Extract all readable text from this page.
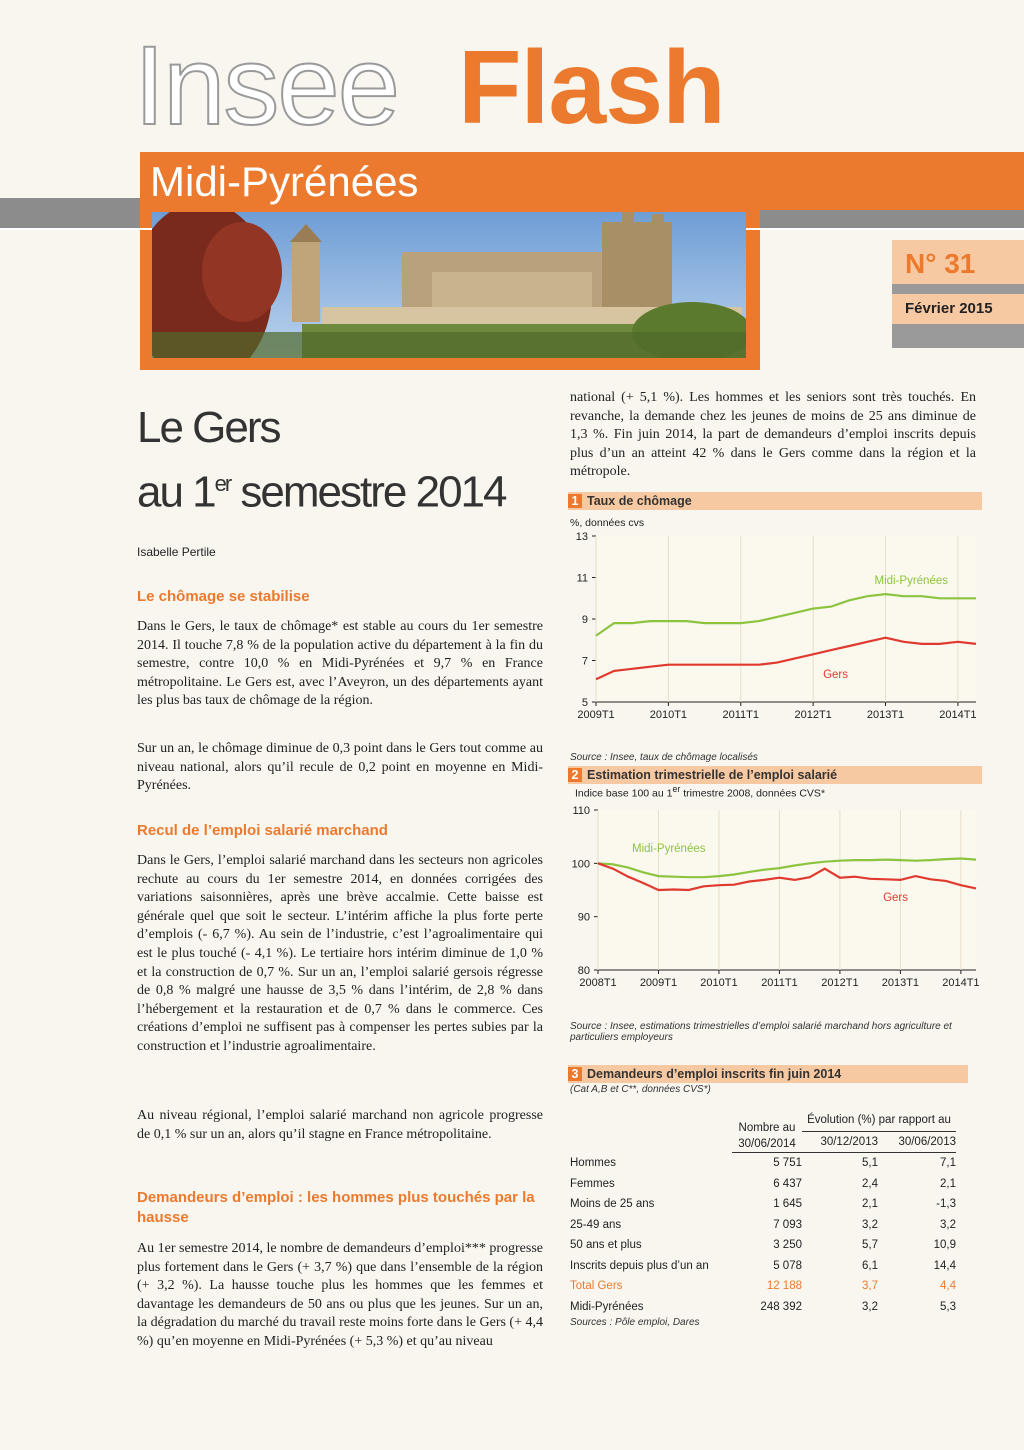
Insee Flash
Midi-Pyrénées
N° 31
Février 2015
Le Gers
au 1er semestre 2014
Isabelle Pertile
Le chômage se stabilise
Dans le Gers, le taux de chômage* est stable au cours du 1er semestre 2014. Il touche 7,8 % de la population active du département à la fin du semestre, contre 10,0 % en Midi-Pyrénées et 9,7 % en France métropolitaine. Le Gers est, avec l’Aveyron, un des départements ayant les plus bas taux de chômage de la région.
Sur un an, le chômage diminue de 0,3 point dans le Gers tout comme au niveau national, alors qu’il recule de 0,2 point en moyenne en Midi-Pyrénées.
Recul de l’emploi salarié marchand
Dans le Gers, l’emploi salarié marchand dans les secteurs non agricoles rechute au cours du 1er semestre 2014, en données corrigées des variations saisonnières, après une brève accalmie. Cette baisse est générale quel que soit le secteur. L’intérim affiche la plus forte perte d’emplois (- 6,7 %). Au sein de l’industrie, c’est l’agroalimentaire qui est le plus touché (- 4,1 %). Le tertiaire hors intérim diminue de 1,0 % et la construction de 0,7 %. Sur un an, l’emploi salarié gersois régresse de 0,8 % malgré une hausse de 3,5 % dans l’intérim, de 2,8 % dans l’hébergement et la restauration et de 0,7 % dans le commerce. Ces créations d’emploi ne suffisent pas à compenser les pertes subies par la construction et l’industrie agroalimentaire.
Au niveau régional, l’emploi salarié marchand non agricole progresse de 0,1 % sur un an, alors qu’il stagne en France métropolitaine.
Demandeurs d’emploi : les hommes plus touchés par la hausse
Au 1er semestre 2014, le nombre de demandeurs d’emploi*** progresse plus fortement dans le Gers (+ 3,7 %) que dans l’ensemble de la région (+ 3,2 %). La hausse touche plus les hommes que les femmes et davantage les demandeurs de 50 ans ou plus que les jeunes. Sur un an, la dégradation du marché du travail reste moins forte dans le Gers (+ 4,4 %) qu’en moyenne en Midi-Pyrénées (+ 5,3 %) et qu’au niveau
national (+ 5,1 %). Les hommes et les seniors sont très touchés. En revanche, la demande chez les jeunes de moins de 25 ans diminue de 1,3 %. Fin juin 2014, la part de demandeurs d’emploi inscrits depuis plus d’un an atteint 42 % dans le Gers comme dans la région et la métropole.
1 Taux de chômage
5
7
9
11
13
2009T1	2010T1	2011T1	2012T1	2013T1	2014T1
Midi-Pyrénées
Gers
%, données cvs
Source : Insee, taux de chômage localisés
2 Estimation trimestrielle de l’emploi salarié
Indice base 100 au 1er trimestre 2008, données CVS*
80
90
100
110
2008T1 2009T1 2010T1 2011T1 2012T1 2013T1 2014T1
Midi-Pyrénées
Gers
Source : Insee, estimations trimestrielles d’emploi salarié marchand hors agriculture et particuliers employeurs
3 Demandeurs d’emploi inscrits fin juin 2014
(Cat A,B et C**, données CVS*)
	Nombre au 30/06/2014	Évolution (%) par rapport au	
		30/12/2013	30/06/2013
Hommes	5 751	5,1	7,1
Femmes	6 437	2,4	2,1
Moins de 25 ans	1 645	2,1	-1,3
25-49 ans	7 093	3,2	3,2
50 ans et plus	3 250	5,7	10,9
Inscrits depuis plus d’un an	5 078	6,1	14,4
Total Gers	12 188	3,7	4,4
Midi-Pyrénées	248 392	3,2	5,3
Sources : Pôle emploi, Dares
